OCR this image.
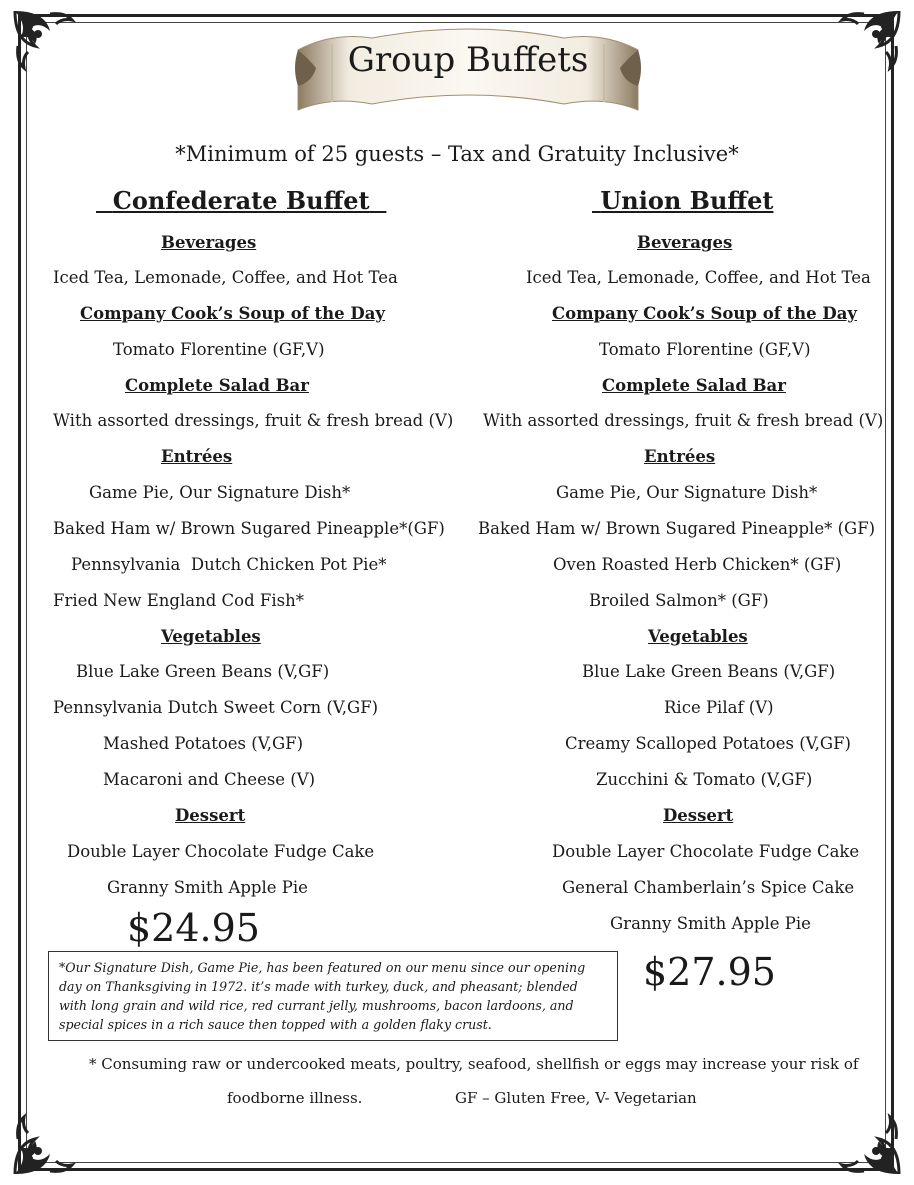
Group Buffets
*Minimum of 25 guests – Tax and Gratuity Inclusive*
Confederate Buffet
Beverages
Iced Tea, Lemonade, Coffee, and Hot Tea
Company Cook’s Soup of the Day
Tomato Florentine (GF,V)
Complete Salad Bar
With assorted dressings, fruit & fresh bread (V)
Entrées
Game Pie, Our Signature Dish*
Baked Ham w/ Brown Sugared Pineapple*(GF)
Pennsylvania  Dutch Chicken Pot Pie*
Fried New England Cod Fish*
Vegetables
Blue Lake Green Beans (V,GF)
Pennsylvania Dutch Sweet Corn (V,GF)
Mashed Potatoes (V,GF)
Macaroni and Cheese (V)
Dessert
Double Layer Chocolate Fudge Cake
Granny Smith Apple Pie
$24.95
Union Buffet
Beverages
Iced Tea, Lemonade, Coffee, and Hot Tea
Company Cook’s Soup of the Day
Tomato Florentine (GF,V)
Complete Salad Bar
With assorted dressings, fruit & fresh bread (V)
Entrées
Game Pie, Our Signature Dish*
Baked Ham w/ Brown Sugared Pineapple* (GF)
Oven Roasted Herb Chicken* (GF)
Broiled Salmon* (GF)
Vegetables
Blue Lake Green Beans (V,GF)
Rice Pilaf (V)
Creamy Scalloped Potatoes (V,GF)
Zucchini & Tomato (V,GF)
Dessert
Double Layer Chocolate Fudge Cake
General Chamberlain’s Spice Cake
Granny Smith Apple Pie
$27.95
*Our Signature Dish, Game Pie, has been featured on our menu since our opening day on Thanksgiving in 1972. it’s made with turkey, duck, and pheasant; blended with long grain and wild rice, red currant jelly, mushrooms, bacon lardoons, and special spices in a rich sauce then topped with a golden flaky crust.
* Consuming raw or undercooked meats, poultry, seafood, shellfish or eggs may increase your risk of
foodborne illness.	GF – Gluten Free, V- Vegetarian
